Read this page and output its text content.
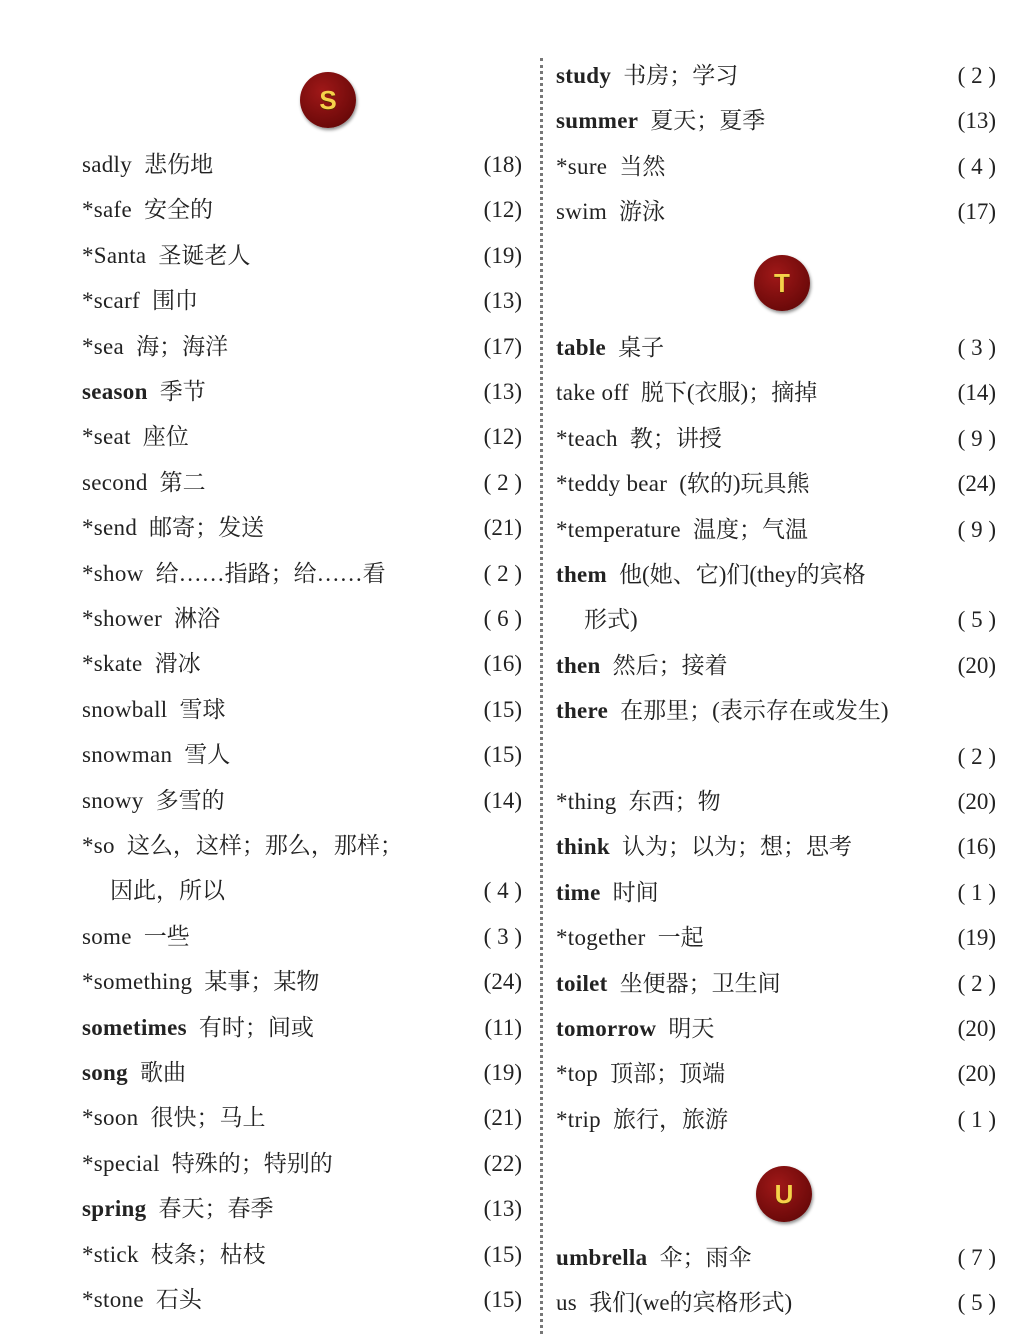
S
sadly 悲伤地	(18)
*safe 安全的	(12)
*Santa 圣诞老人	(19)
*scarf 围巾	(13)
*sea 海；海洋	(17)
season 季节	(13)
*seat 座位	(12)
second 第二	( 2 )
*send 邮寄；发送	(21)
*show 给……指路；给……看	( 2 )
*shower 淋浴	( 6 )
*skate 滑冰	(16)
snowball 雪球	(15)
snowman 雪人	(15)
snowy 多雪的	(14)
*so 这么，这样；那么，那样；
因此，所以	( 4 )
some 一些	( 3 )
*something 某事；某物	(24)
sometimes 有时；间或	(11)
song 歌曲	(19)
*soon 很快；马上	(21)
*special 特殊的；特别的	(22)
spring 春天；春季	(13)
*stick 枝条；枯枝	(15)
*stone 石头	(15)
study 书房；学习	( 2 )
summer 夏天；夏季	(13)
*sure 当然	( 4 )
swim 游泳	(17)
T
table 桌子	( 3 )
take off 脱下(衣服)；摘掉	(14)
*teach 教；讲授	( 9 )
*teddy bear (软的)玩具熊	(24)
*temperature 温度；气温	( 9 )
them 他(她、它)们(they的宾格
形式)	( 5 )
then 然后；接着	(20)
there 在那里；(表示存在或发生)
( 2 )
*thing 东西；物	(20)
think 认为；以为；想；思考	(16)
time 时间	( 1 )
*together 一起	(19)
toilet 坐便器；卫生间	( 2 )
tomorrow 明天	(20)
*top 顶部；顶端	(20)
*trip 旅行，旅游	( 1 )
U
umbrella 伞；雨伞	( 7 )
us 我们(we的宾格形式)	( 5 )
